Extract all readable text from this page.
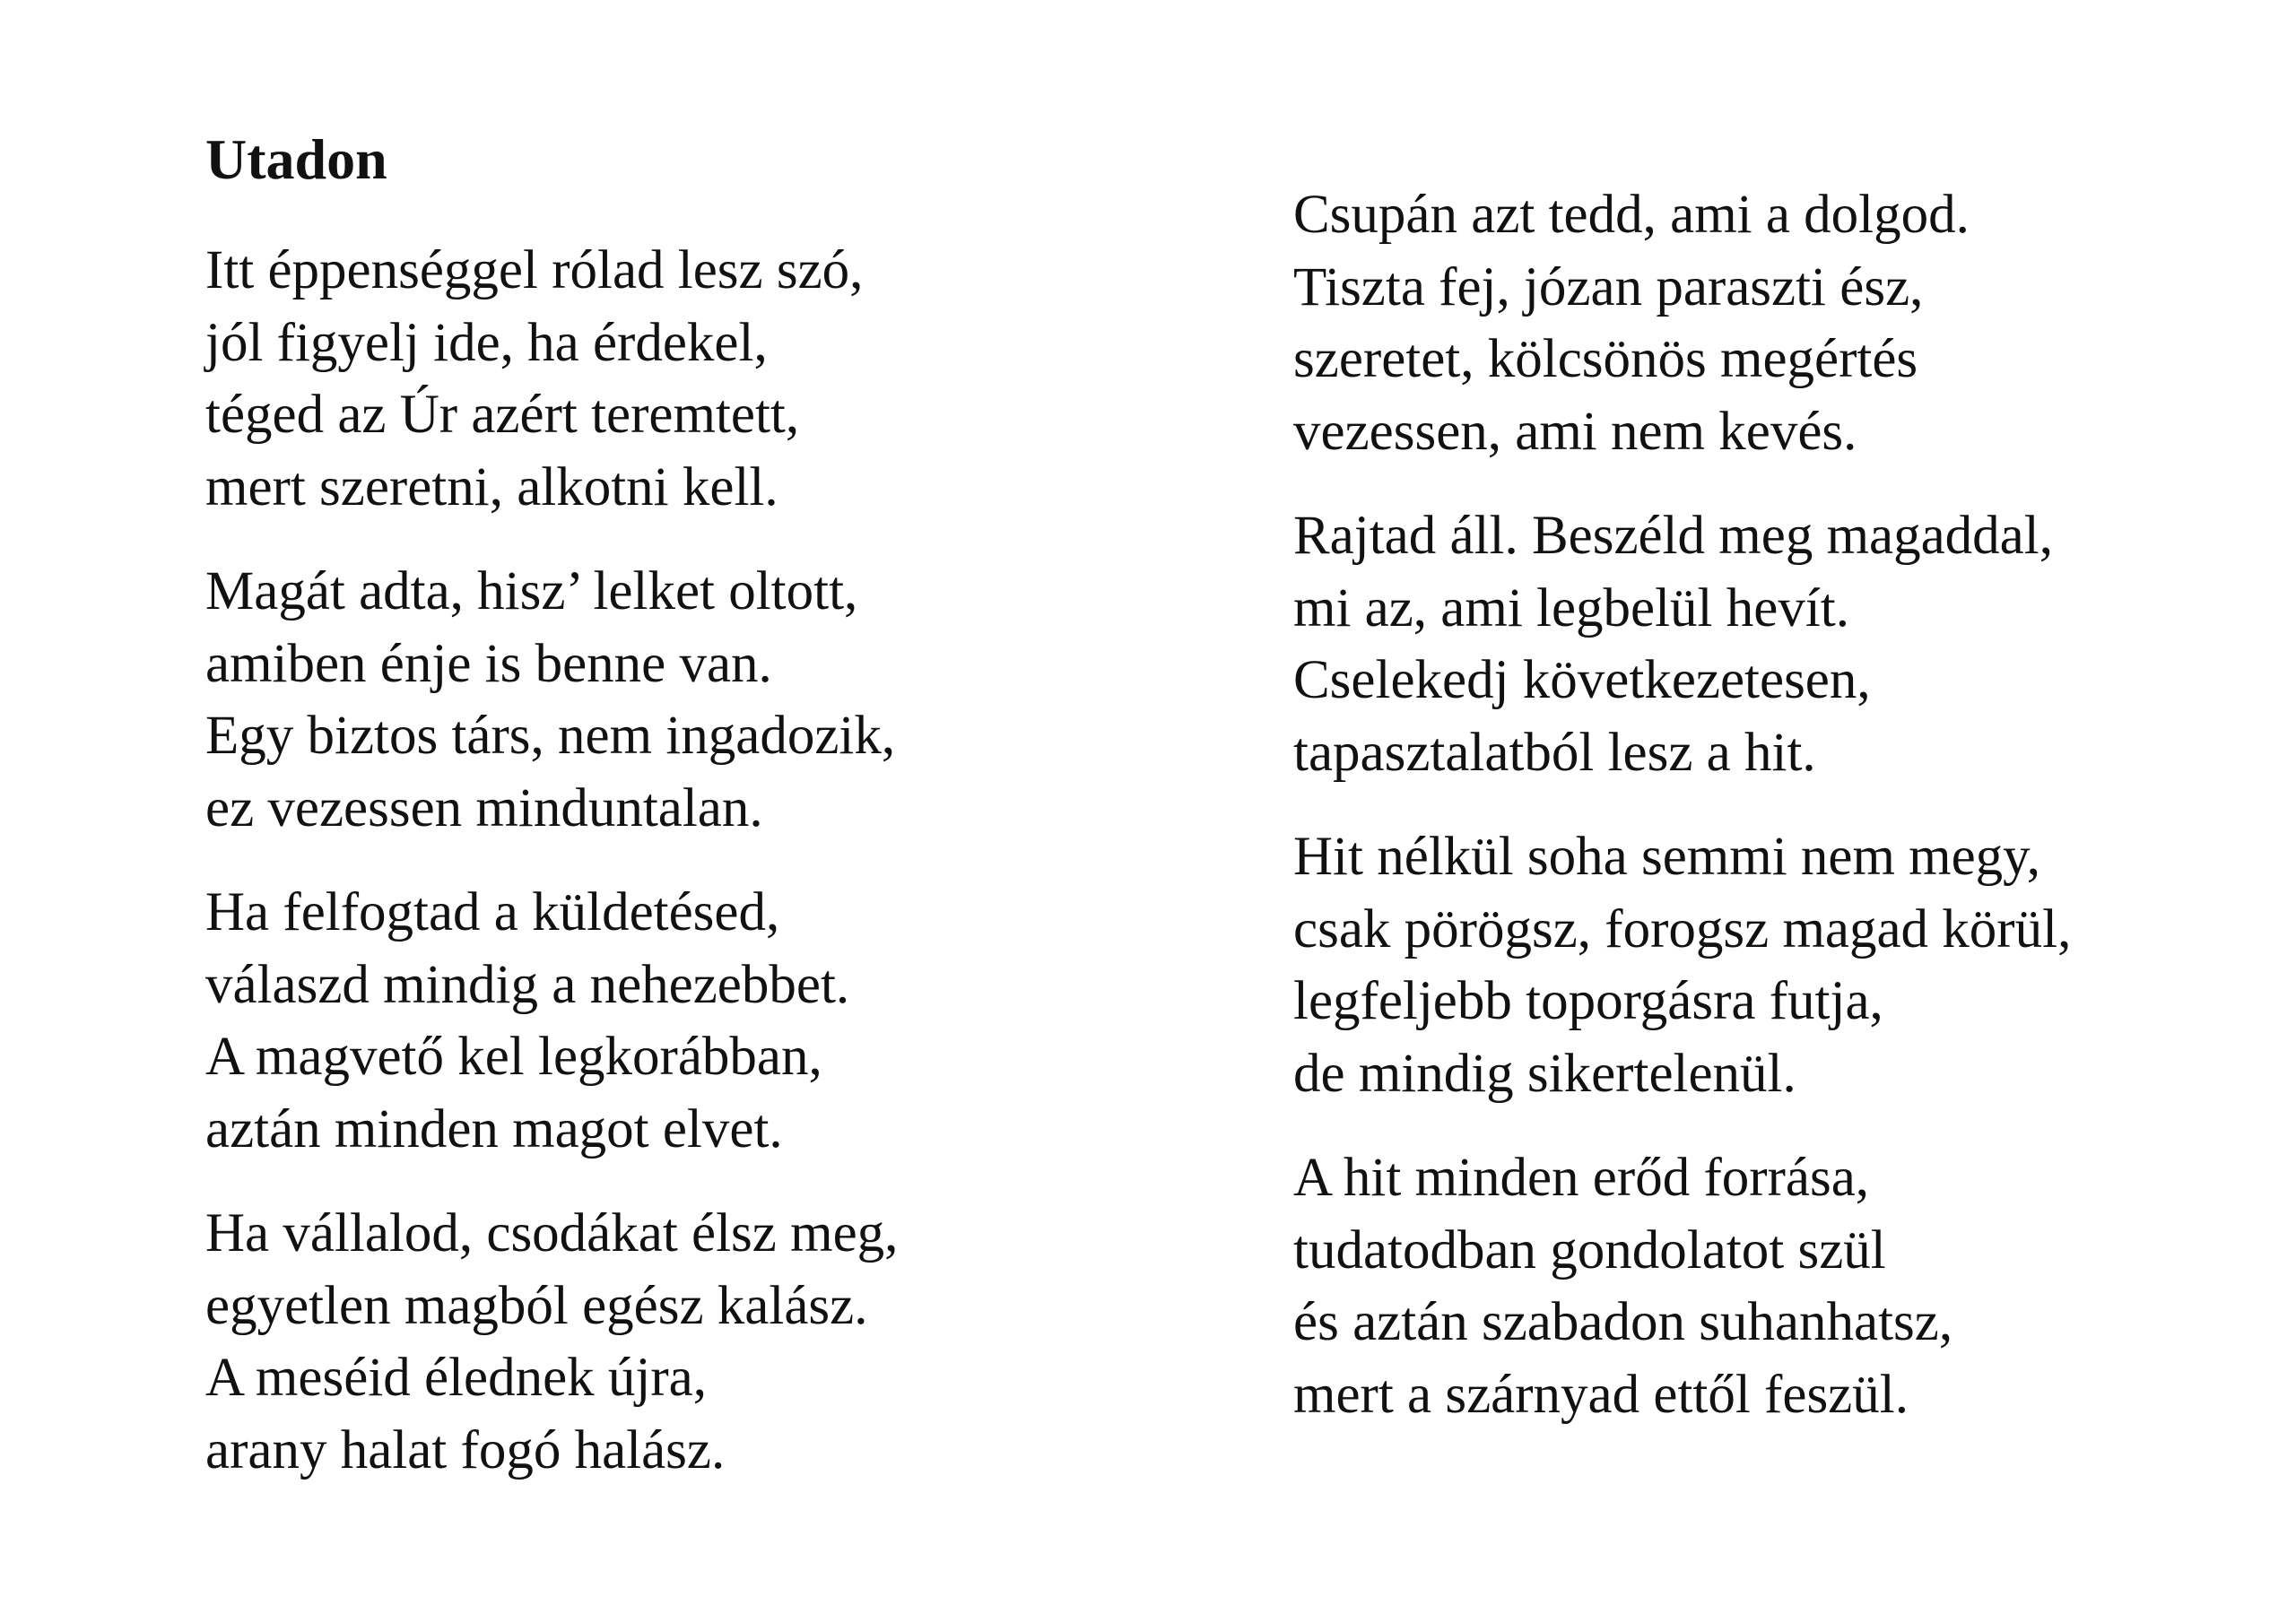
Utadon
Itt éppenséggel rólad lesz szó,
jól figyelj ide, ha érdekel,
téged az Úr azért teremtett,
mert szeretni, alkotni kell.
Magát adta, hisz’ lelket oltott,
amiben énje is benne van.
Egy biztos társ, nem ingadozik,
ez vezessen minduntalan.
Ha felfogtad a küldetésed,
válaszd mindig a nehezebbet.
A magvető kel legkorábban,
aztán minden magot elvet.
Ha vállalod, csodákat élsz meg,
egyetlen magból egész kalász.
A meséid élednek újra,
arany halat fogó halász.
Csupán azt tedd, ami a dolgod.
Tiszta fej, józan paraszti ész,
szeretet, kölcsönös megértés
vezessen, ami nem kevés.
Rajtad áll. Beszéld meg magaddal,
mi az, ami legbelül hevít.
Cselekedj következetesen,
tapasztalatból lesz a hit.
Hit nélkül soha semmi nem megy,
csak pörögsz, forogsz magad körül,
legfeljebb toporgásra futja,
de mindig sikertelenül.
A hit minden erőd forrása,
tudatodban gondolatot szül
és aztán szabadon suhanhatsz,
mert a szárnyad ettől feszül.
